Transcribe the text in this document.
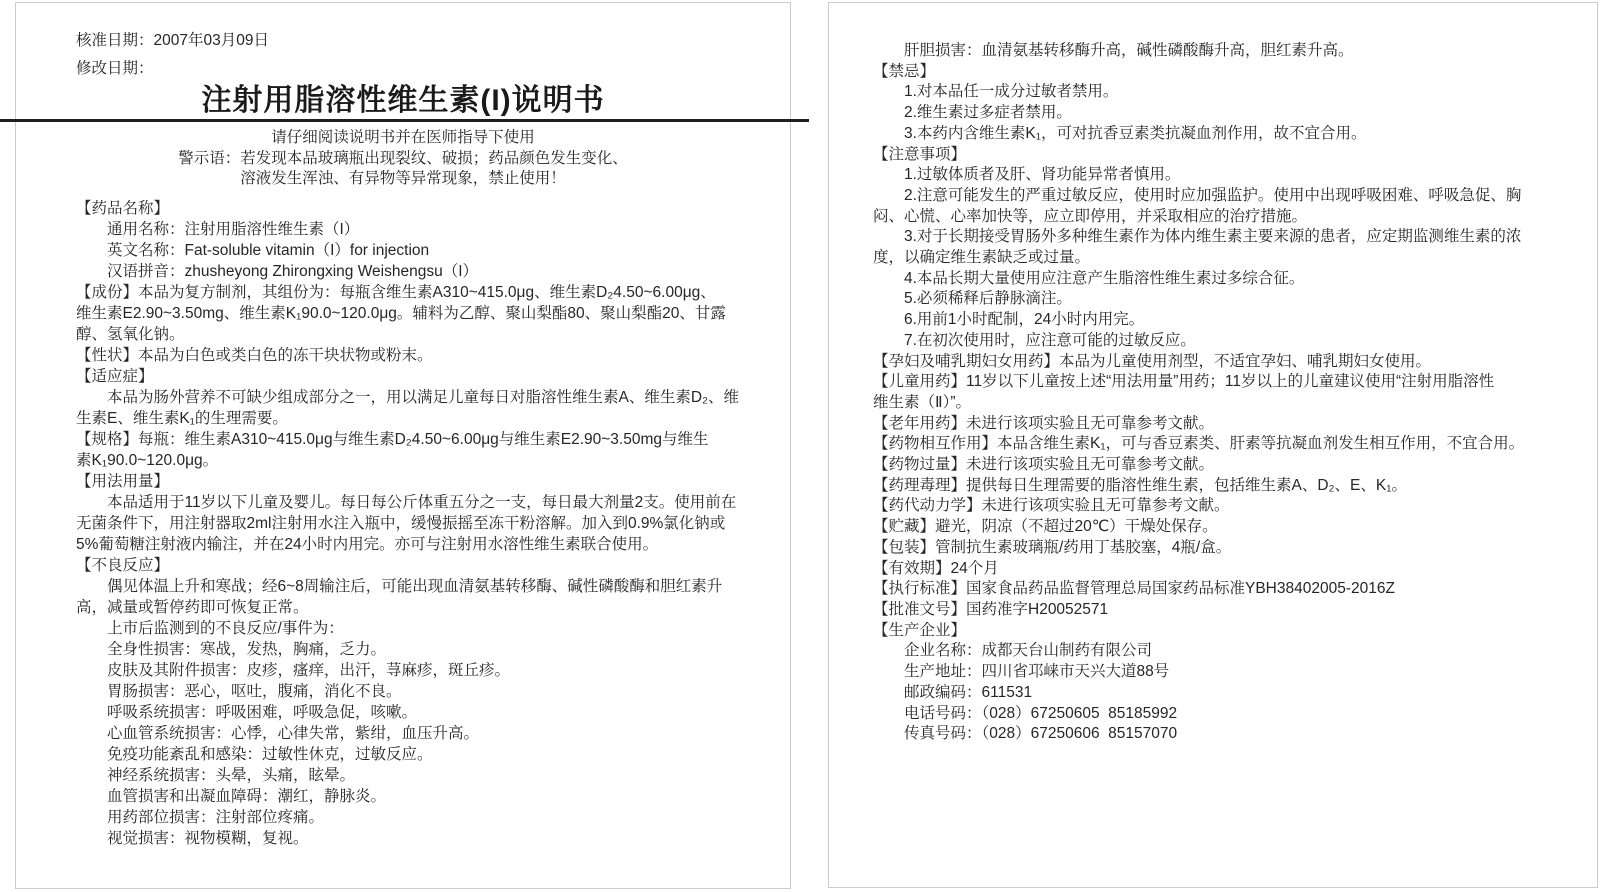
核准日期：2007年03月09日
修改日期：
注射用脂溶性维生素(I)说明书
请仔细阅读说明书并在医师指导下使用
警示语：若发现本品玻璃瓶出现裂纹、破损；药品颜色发生变化、
溶液发生浑浊、有异物等异常现象，禁止使用！
【药品名称】
通用名称：注射用脂溶性维生素（I）
英文名称：Fat-soluble vitamin（I）for injection
汉语拼音：zhusheyong Zhirongxing Weishengsu（I）
【成份】本品为复方制剂，其组份为：每瓶含维生素A310~415.0μg、维生素D₂4.50~6.00μg、
维生素E2.90~3.50mg、维生素K₁90.0~120.0μg。辅料为乙醇、聚山梨酯80、聚山梨酯20、甘露
醇、氢氧化钠。
【性状】本品为白色或类白色的冻干块状物或粉末。
【适应症】
本品为肠外营养不可缺少组成部分之一，用以满足儿童每日对脂溶性维生素A、维生素D₂、维
生素E、维生素K₁的生理需要。
【规格】每瓶：维生素A310~415.0μg与维生素D₂4.50~6.00μg与维生素E2.90~3.50mg与维生
素K₁90.0~120.0μg。
【用法用量】
本品适用于11岁以下儿童及婴儿。每日每公斤体重五分之一支，每日最大剂量2支。使用前在
无菌条件下，用注射器取2ml注射用水注入瓶中，缓慢振摇至冻干粉溶解。加入到0.9%氯化钠或
5%葡萄糖注射液内输注，并在24小时内用完。亦可与注射用水溶性维生素联合使用。
【不良反应】
偶见体温上升和寒战；经6~8周输注后，可能出现血清氨基转移酶、碱性磷酸酶和胆红素升
高，减量或暂停药即可恢复正常。
上市后监测到的不良反应/事件为：
全身性损害：寒战，发热，胸痛，乏力。
皮肤及其附件损害：皮疹，瘙痒，出汗，荨麻疹，斑丘疹。
胃肠损害：恶心，呕吐，腹痛，消化不良。
呼吸系统损害：呼吸困难，呼吸急促，咳嗽。
心血管系统损害：心悸，心律失常，紫绀，血压升高。
免疫功能紊乱和感染：过敏性休克，过敏反应。
神经系统损害：头晕，头痛，眩晕。
血管损害和出凝血障碍：潮红，静脉炎。
用药部位损害：注射部位疼痛。
视觉损害：视物模糊，复视。
肝胆损害：血清氨基转移酶升高，碱性磷酸酶升高，胆红素升高。
【禁忌】
1.对本品任一成分过敏者禁用。
2.维生素过多症者禁用。
3.本药内含维生素K₁，可对抗香豆素类抗凝血剂作用，故不宜合用。
【注意事项】
1.过敏体质者及肝、肾功能异常者慎用。
2.注意可能发生的严重过敏反应，使用时应加强监护。使用中出现呼吸困难、呼吸急促、胸
闷、心慌、心率加快等，应立即停用，并采取相应的治疗措施。
3.对于长期接受胃肠外多种维生素作为体内维生素主要来源的患者，应定期监测维生素的浓
度，以确定维生素缺乏或过量。
4.本品长期大量使用应注意产生脂溶性维生素过多综合征。
5.必须稀释后静脉滴注。
6.用前1小时配制，24小时内用完。
7.在初次使用时，应注意可能的过敏反应。
【孕妇及哺乳期妇女用药】本品为儿童使用剂型，不适宜孕妇、哺乳期妇女使用。
【儿童用药】11岁以下儿童按上述“用法用量”用药；11岁以上的儿童建议使用“注射用脂溶性
维生素（Ⅱ）”。
【老年用药】未进行该项实验且无可靠参考文献。
【药物相互作用】本品含维生素K₁，可与香豆素类、肝素等抗凝血剂发生相互作用，不宜合用。
【药物过量】未进行该项实验且无可靠参考文献。
【药理毒理】提供每日生理需要的脂溶性维生素，包括维生素A、D₂、E、K₁。
【药代动力学】未进行该项实验且无可靠参考文献。
【贮藏】避光，阴凉（不超过20℃）干燥处保存。
【包装】管制抗生素玻璃瓶/药用丁基胶塞，4瓶/盒。
【有效期】24个月
【执行标准】国家食品药品监督管理总局国家药品标准YBH38402005-2016Z
【批准文号】国药准字H20052571
【生产企业】
企业名称：成都天台山制药有限公司
生产地址：四川省邛崃市天兴大道88号
邮政编码：611531
电话号码：（028）67250605  85185992
传真号码：（028）67250606  85157070
